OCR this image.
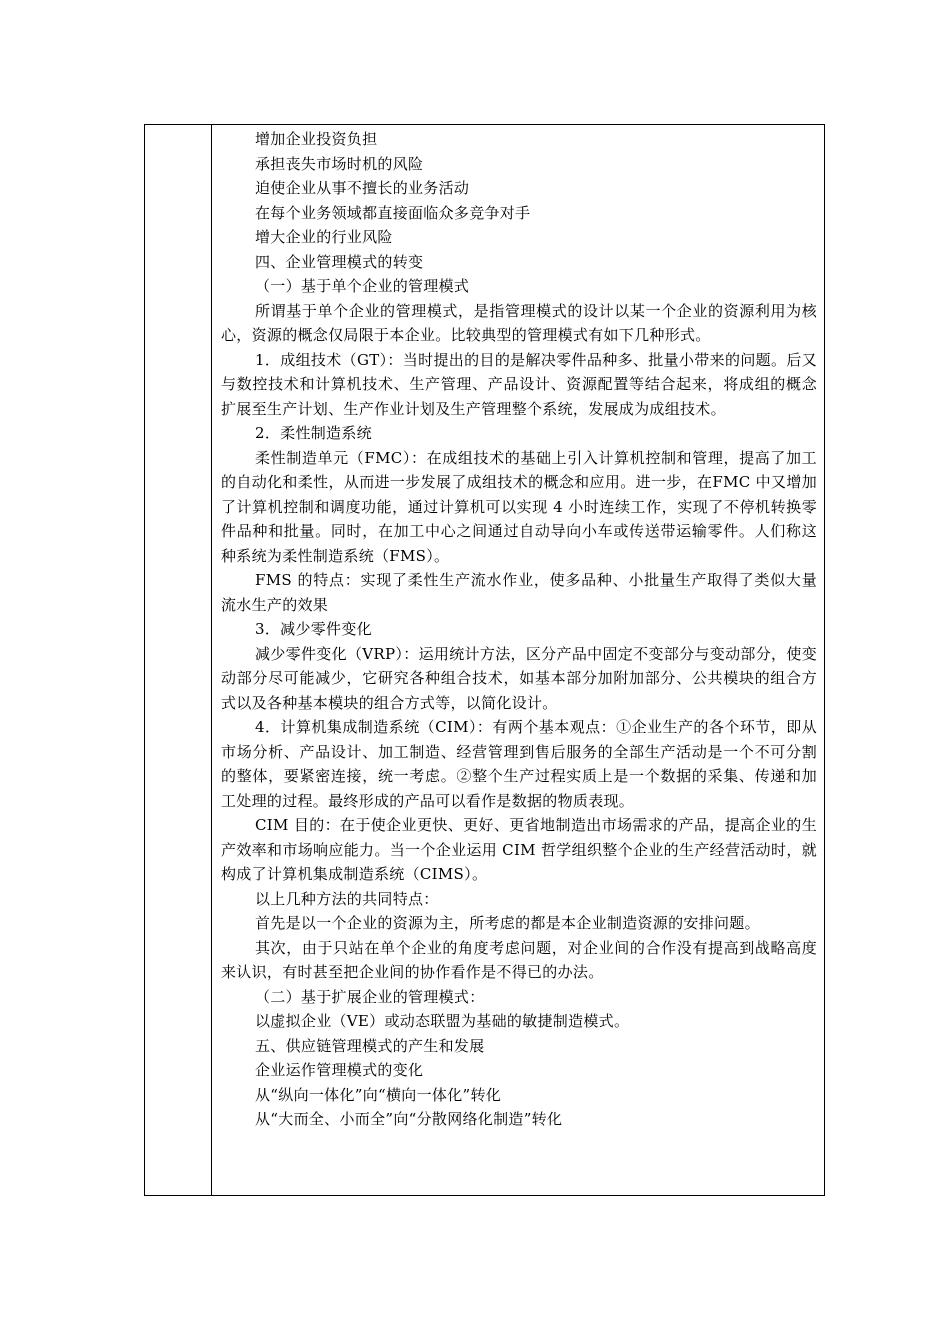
增加企业投资负担

承担丧失市场时机的风险

迫使企业从事不擅长的业务活动

在每个业务领域都直接面临众多竞争对手

增大企业的行业风险

四、企业管理模式的转变

（一）基于单个企业的管理模式

所谓基于单个企业的管理模式，是指管理模式的设计以某一个企业的资源利用为核心，资源的概念仅局限于本企业。比较典型的管理模式有如下几种形式。

1．成组技术（GT）：当时提出的目的是解决零件品种多、批量小带来的问题。后又与数控技术和计算机技术、生产管理、产品设计、资源配置等结合起来，将成组的概念扩展至生产计划、生产作业计划及生产管理整个系统，发展成为成组技术。

2．柔性制造系统

柔性制造单元（FMC）：在成组技术的基础上引入计算机控制和管理，提高了加工的自动化和柔性，从而进一步发展了成组技术的概念和应用。进一步，在FMC 中又增加了计算机控制和调度功能，通过计算机可以实现 4 小时连续工作，实现了不停机转换零件品种和批量。同时，在加工中心之间通过自动导向小车或传送带运输零件。人们称这种系统为柔性制造系统（FMS）。

FMS 的特点：实现了柔性生产流水作业，使多品种、小批量生产取得了类似大量流水生产的效果

3．减少零件变化

减少零件变化（VRP）：运用统计方法，区分产品中固定不变部分与变动部分，使变动部分尽可能减少，它研究各种组合技术，如基本部分加附加部分、公共模块的组合方式以及各种基本模块的组合方式等，以简化设计。

4．计算机集成制造系统（CIM）：有两个基本观点：①企业生产的各个环节，即从市场分析、产品设计、加工制造、经营管理到售后服务的全部生产活动是一个不可分割的整体，要紧密连接，统一考虑。②整个生产过程实质上是一个数据的采集、传递和加工处理的过程。最终形成的产品可以看作是数据的物质表现。

CIM 目的：在于使企业更快、更好、更省地制造出市场需求的产品，提高企业的生产效率和市场响应能力。当一个企业运用 CIM 哲学组织整个企业的生产经营活动时，就构成了计算机集成制造系统（CIMS）。

以上几种方法的共同特点：

首先是以一个企业的资源为主，所考虑的都是本企业制造资源的安排问题。

其次，由于只站在单个企业的角度考虑问题，对企业间的合作没有提高到战略高度来认识，有时甚至把企业间的协作看作是不得已的办法。

（二）基于扩展企业的管理模式：

以虚拟企业（VE）或动态联盟为基础的敏捷制造模式。

五、供应链管理模式的产生和发展

企业运作管理模式的变化

从“纵向一体化”向“横向一体化”转化

从“大而全、小而全”向“分散网络化制造”转化
